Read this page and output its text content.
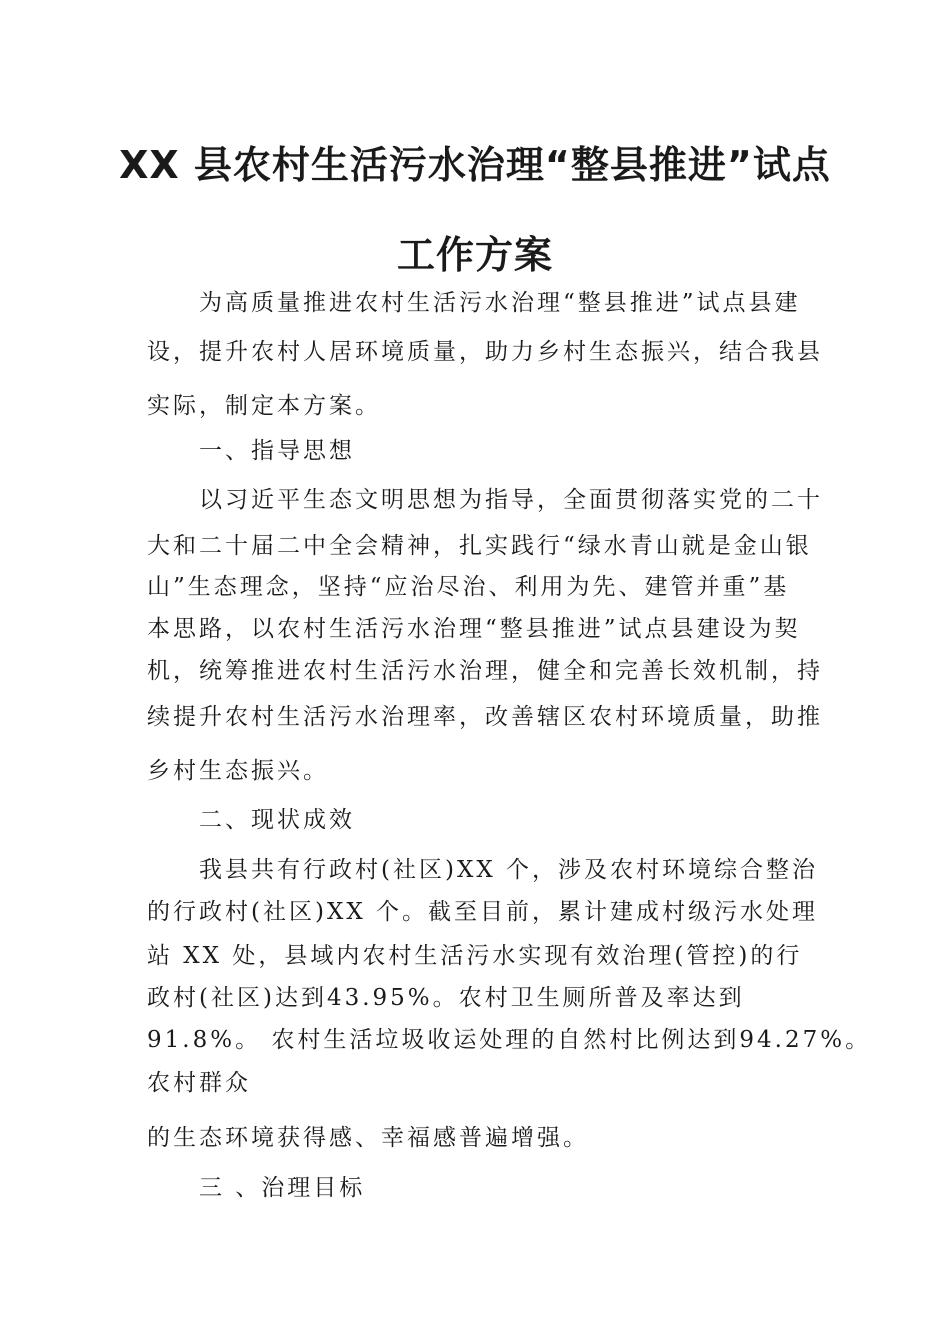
XX 县农村生活污水治理“整县推进”试点
工作方案
为高质量推进农村生活污水治理“整县推进”试点县建
设，提升农村人居环境质量，助力乡村生态振兴，结合我县
实际，制定本方案。
一、指导思想
以习近平生态文明思想为指导，全面贯彻落实党的二十
大和二十届二中全会精神，扎实践行“绿水青山就是金山银
山”生态理念，坚持“应治尽治、利用为先、建管并重”基
本思路，以农村生活污水治理“整县推进”试点县建设为契
机，统筹推进农村生活污水治理，健全和完善长效机制，持
续提升农村生活污水治理率，改善辖区农村环境质量，助推
乡村生态振兴。
二、现状成效
我县共有行政村(社区)XX 个，涉及农村环境综合整治
的行政村(社区)XX 个。截至目前，累计建成村级污水处理
站 XX 处，县域内农村生活污水实现有效治理(管控)的行
政村(社区)达到43.95%。农村卫生厕所普及率达到
91.8%。 农村生活垃圾收运处理的自然村比例达到94.27%。
农村群众
的生态环境获得感、幸福感普遍增强。
三 、治理目标
